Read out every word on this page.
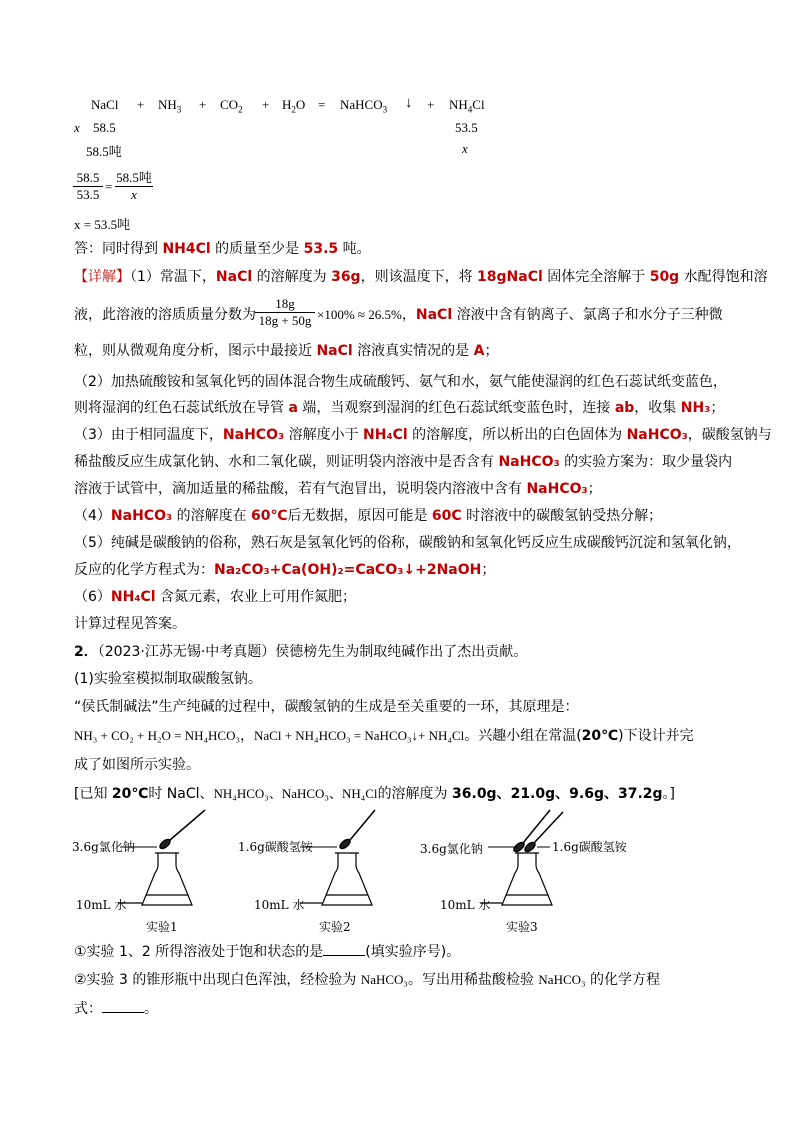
NaCl + $NH_3 + CO_2 + H_2O$ = NaHCO$_3$ ↓ + $NH_4Cl$
x 58.5	53.5
58.5吨	x
$\frac{58.5}{53.5}$ =
58.5吨
x
x = 53.5吨
答：同时得到 NH4Cl 的质量至少是 53.5 吨。
【详解】（1）常温下，NaCl 的溶解度为 36g，则该温度下，将 18gNaCl 固体完全溶解于 50g 水配得饱和溶
液，此溶液的溶质质量分数为 $\frac{18g}{18g + 50g} \times 100\% \approx 26.5\%$，NaCl 溶液中含有钠离子、氯离子和水分子三种微
粒，则从微观角度分析，图示中最接近 NaCl 溶液真实情况的是 A；
（2）加热硫酸铵和氢氧化钙的固体混合物生成硫酸钙、氨气和水，氨气能使湿润的红色石蕊试纸变蓝色，
则将湿润的红色石蕊试纸放在导管 a 端，当观察到湿润的红色石蕊试纸变蓝色时，连接 ab，收集 NH₃；
（3）由于相同温度下，NaHCO₃ 溶解度小于 NH₄Cl 的溶解度，所以析出的白色固体为 NaHCO₃，碳酸氢钠与
稀盐酸反应生成氯化钠、水和二氧化碳，则证明袋内溶液中是否含有 NaHCO₃ 的实验方案为：取少量袋内
溶液于试管中，滴加适量的稀盐酸，若有气泡冒出，说明袋内溶液中含有 NaHCO₃；
（4）NaHCO₃ 的溶解度在 60℃后无数据，原因可能是 60C 时溶液中的碳酸氢钠受热分解；
（5）纯碱是碳酸钠的俗称，熟石灰是氢氧化钙的俗称，碳酸钠和氢氧化钙反应生成碳酸钙沉淀和氢氧化钠，
反应的化学方程式为：Na₂CO₃+Ca(OH)₂=CaCO₃↓+2NaOH；
（6）NH₄Cl 含氮元素，农业上可用作氮肥；
计算过程见答案。
2．（2023·江苏无锡·中考真题）侯德榜先生为制取纯碱作出了杰出贡献。
(1)实验室模拟制取碳酸氢钠。
“侯氏制碱法”生产纯碱的过程中，碳酸氢钠的生成是至关重要的一环，其原理是：
NH₃ + CO₂ + H₂O = NH₄HCO₃，NaCl + NH₄HCO₃ = NaHCO₃↓+ NH₄Cl。兴趣小组在常温(20℃)下设计并完
成了如图所示实验。
[已知 20℃时 NaCl、NH₄HCO₃、NaHCO₃、NH₄Cl的溶解度为 36.0g、21.0g、9.6g、37.2g。]
3.6g氯化钠
10mL 水
实验1
1.6g碳酸氢铵
10mL 水
实验2
3.6g氯化钠	1.6g碳酸氢铵
10mL 水
实验3
①实验 1、2 所得溶液处于饱和状态的是	(填实验序号)。
②实验 3 的锥形瓶中出现白色浑浊，经检验为 NaHCO₃。写出用稀盐酸检验 NaHCO₃ 的化学方程
式：	。
